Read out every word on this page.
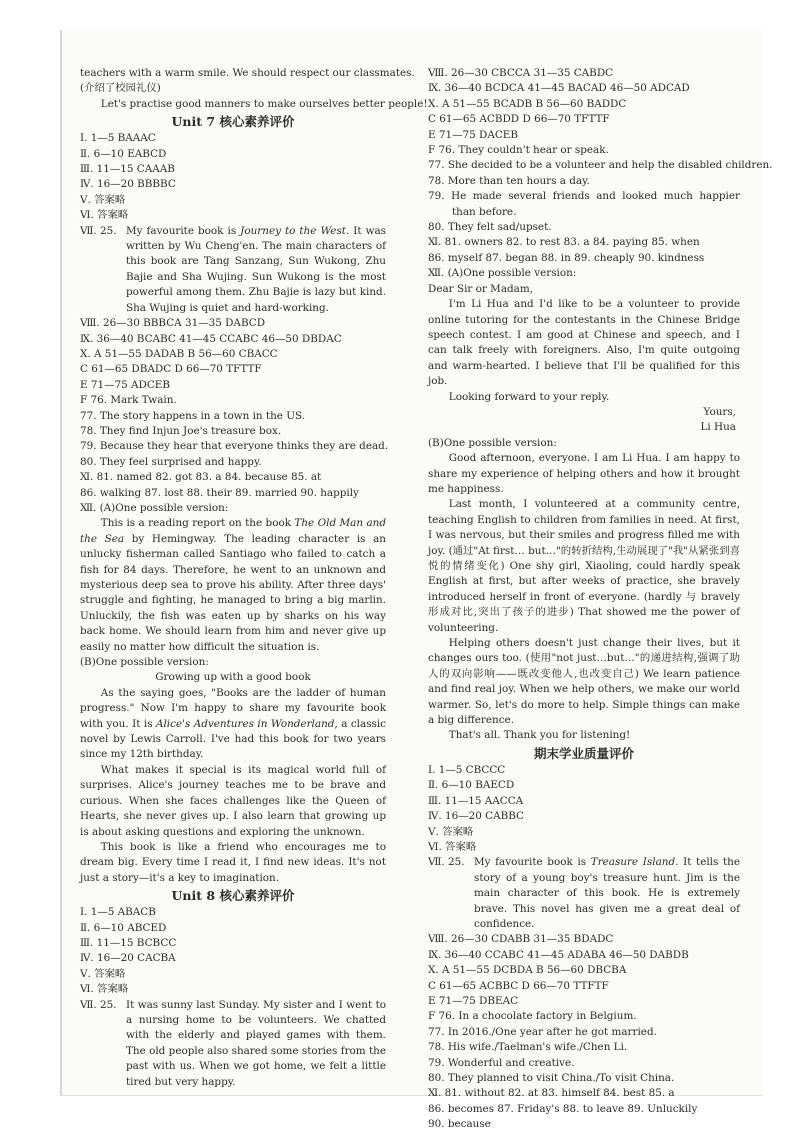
teachers with a warm smile. We should respect our classmates.
(介绍了校园礼仪)
Let's practise good manners to make ourselves better people!
Unit 7 核心素养评价
Ⅰ. 1—5 BAAAC
Ⅱ. 6—10 EABCD
Ⅲ. 11—15 CAAAB
Ⅳ. 16—20 BBBBC
Ⅴ. 答案略
Ⅵ. 答案略
Ⅶ. 25. My favourite book is Journey to the West. It was written by Wu Cheng'en. The main characters of this book are Tang Sanzang, Sun Wukong, Zhu Bajie and Sha Wujing. Sun Wukong is the most powerful among them. Zhu Bajie is lazy but kind. Sha Wujing is quiet and hard-working.
Ⅷ. 26—30 BBBCA 31—35 DABCD
Ⅸ. 36—40 BCABC 41—45 CCABC 46—50 DBDAC
Ⅹ. A 51—55 DADAB B 56—60 CBACC
C 61—65 DBADC D 66—70 TFTTF
E 71—75 ADCEB
F 76. Mark Twain.
77. The story happens in a town in the US.
78. They find Injun Joe's treasure box.
79. Because they hear that everyone thinks they are dead.
80. They feel surprised and happy.
Ⅺ. 81. named 82. got 83. a 84. because 85. at
86. walking 87. lost 88. their 89. married 90. happily
Ⅻ. (A)One possible version:
This is a reading report on the book The Old Man and the Sea by Hemingway. The leading character is an unlucky fisherman called Santiago who failed to catch a fish for 84 days. Therefore, he went to an unknown and mysterious deep sea to prove his ability. After three days' struggle and fighting, he managed to bring a big marlin. Unluckily, the fish was eaten up by sharks on his way back home. We should learn from him and never give up easily no matter how difficult the situation is.
(B)One possible version:
Growing up with a good book
As the saying goes, "Books are the ladder of human progress." Now I'm happy to share my favourite book with you. It is Alice's Adventures in Wonderland, a classic novel by Lewis Carroll. I've had this book for two years since my 12th birthday.
What makes it special is its magical world full of surprises. Alice's journey teaches me to be brave and curious. When she faces challenges like the Queen of Hearts, she never gives up. I also learn that growing up is about asking questions and exploring the unknown.
This book is like a friend who encourages me to dream big. Every time I read it, I find new ideas. It's not just a story—it's a key to imagination.
Unit 8 核心素养评价
Ⅰ. 1—5 ABACB
Ⅱ. 6—10 ABCED
Ⅲ. 11—15 BCBCC
Ⅳ. 16—20 CACBA
Ⅴ. 答案略
Ⅵ. 答案略
Ⅶ. 25. It was sunny last Sunday. My sister and I went to a nursing home to be volunteers. We chatted with the elderly and played games with them. The old people also shared some stories from the past with us. When we got home, we felt a little tired but very happy.
Ⅷ. 26—30 CBCCA 31—35 CABDC
Ⅸ. 36—40 BCDCA 41—45 BACAD 46—50 ADCAD
Ⅹ. A 51—55 BCADB B 56—60 BADDC
C 61—65 ACBDD D 66—70 TFTTF
E 71—75 DACEB
F 76. They couldn't hear or speak.
77. She decided to be a volunteer and help the disabled children.
78. More than ten hours a day.
79. He made several friends and looked much happier than before.
80. They felt sad/upset.
Ⅺ. 81. owners 82. to rest 83. a 84. paying 85. when
86. myself 87. began 88. in 89. cheaply 90. kindness
Ⅻ. (A)One possible version:
Dear Sir or Madam,
I'm Li Hua and I'd like to be a volunteer to provide online tutoring for the contestants in the Chinese Bridge speech contest. I am good at Chinese and speech, and I can talk freely with foreigners. Also, I'm quite outgoing and warm-hearted. I believe that I'll be qualified for this job.
Looking forward to your reply.
Yours,
Li Hua
(B)One possible version:
Good afternoon, everyone. I am Li Hua. I am happy to share my experience of helping others and how it brought me happiness.
Last month, I volunteered at a community centre, teaching English to children from families in need. At first, I was nervous, but their smiles and progress filled me with joy. (通过"At first… but…"的转折结构,生动展现了"我"从紧张到喜悦的情绪变化) One shy girl, Xiaoling, could hardly speak English at first, but after weeks of practice, she bravely introduced herself in front of everyone. (hardly 与 bravely 形成对比,突出了孩子的进步) That showed me the power of volunteering.
Helping others doesn't just change their lives, but it changes ours too. (使用"not just…but…"的递进结构,强调了助人的双向影响——既改变他人,也改变自己) We learn patience and find real joy. When we help others, we make our world warmer. So, let's do more to help. Simple things can make a big difference.
That's all. Thank you for listening!
期末学业质量评价
Ⅰ. 1—5 CBCCC
Ⅱ. 6—10 BAECD
Ⅲ. 11—15 AACCA
Ⅳ. 16—20 CABBC
Ⅴ. 答案略
Ⅵ. 答案略
Ⅶ. 25. My favourite book is Treasure Island. It tells the story of a young boy's treasure hunt. Jim is the main character of this book. He is extremely brave. This novel has given me a great deal of confidence.
Ⅷ. 26—30 CDABB 31—35 BDADC
Ⅸ. 36—40 CCABC 41—45 ADABA 46—50 DABDB
Ⅹ. A 51—55 DCBDA B 56—60 DBCBA
C 61—65 ACBBC D 66—70 TTFTF
E 71—75 DBEAC
F 76. In a chocolate factory in Belgium.
77. In 2016./One year after he got married.
78. His wife./Taelman's wife./Chen Li.
79. Wonderful and creative.
80. They planned to visit China./To visit China.
Ⅺ. 81. without 82. at 83. himself 84. best 85. a
86. becomes 87. Friday's 88. to leave 89. Unluckily
90. because
